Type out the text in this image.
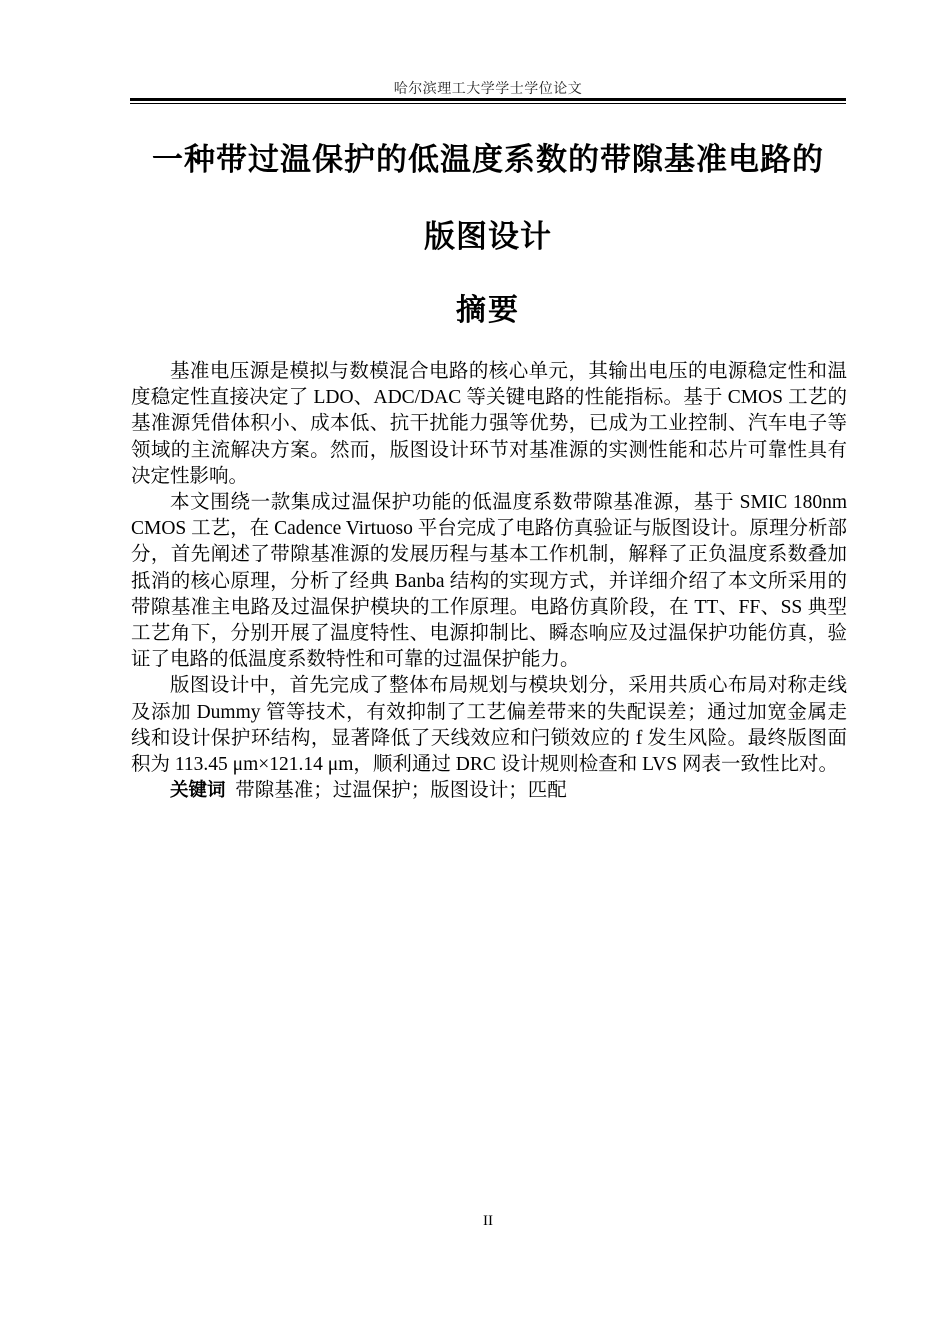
哈尔滨理工大学学士学位论文
一种带过温保护的低温度系数的带隙基准电路的
版图设计
摘要

基准电压源是模拟与数模混合电路的核心单元，其输出电压的电源稳定性和温度稳定性直接决定了 LDO、ADC/DAC 等关键电路的性能指标。基于 CMOS 工艺的基准源凭借体积小、成本低、抗干扰能力强等优势，已成为工业控制、汽车电子等领域的主流解决方案。然而，版图设计环节对基准源的实测性能和芯片可靠性具有决定性影响。

本文围绕一款集成过温保护功能的低温度系数带隙基准源，基于 SMIC 180nm CMOS 工艺，在 Cadence Virtuoso 平台完成了电路仿真验证与版图设计。原理分析部分，首先阐述了带隙基准源的发展历程与基本工作机制，解释了正负温度系数叠加抵消的核心原理，分析了经典 Banba 结构的实现方式，并详细介绍了本文所采用的带隙基准主电路及过温保护模块的工作原理。电路仿真阶段，在 TT、FF、SS 典型工艺角下，分别开展了温度特性、电源抑制比、瞬态响应及过温保护功能仿真，验证了电路的低温度系数特性和可靠的过温保护能力。

版图设计中，首先完成了整体布局规划与模块划分，采用共质心布局对称走线及添加 Dummy 管等技术，有效抑制了工艺偏差带来的失配误差；通过加宽金属走线和设计保护环结构，显著降低了天线效应和闩锁效应的 f 发生风险。最终版图面积为 113.45 μm×121.14 μm，顺利通过 DRC 设计规则检查和 LVS 网表一致性比对。

关键词 带隙基准；过温保护；版图设计；匹配

II
